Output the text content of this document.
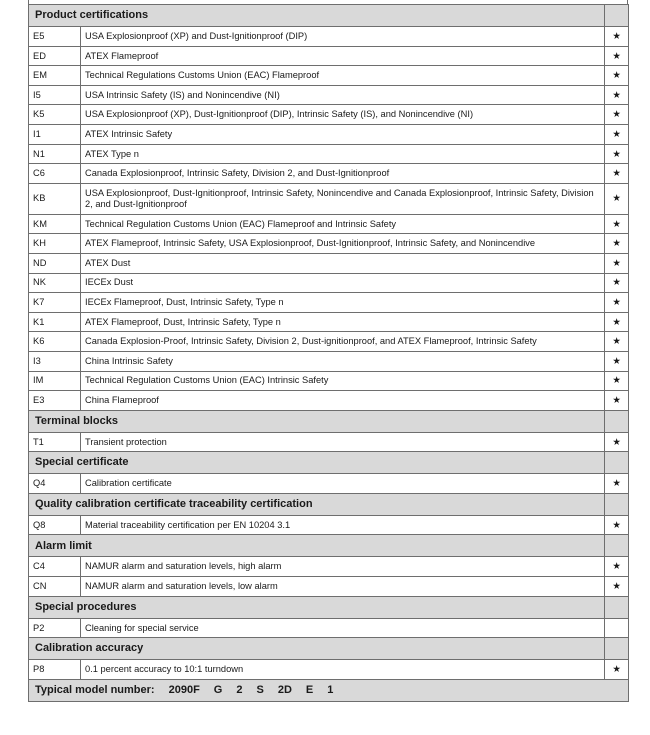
Product certifications		
E5	USA Explosionproof (XP) and Dust-Ignitionproof (DIP)	★
ED	ATEX Flameproof	★
EM	Technical Regulations Customs Union (EAC) Flameproof	★
I5	USA Intrinsic Safety (IS) and Nonincendive (NI)	★
K5	USA Explosionproof (XP), Dust-Ignitionproof (DIP), Intrinsic Safety (IS), and Nonincendive (NI)	★
I1	ATEX Intrinsic Safety	★
N1	ATEX Type n	★
C6	Canada Explosionproof, Intrinsic Safety, Division 2, and Dust-Ignitionproof	★
KB	USA Explosionproof, Dust-Ignitionproof, Intrinsic Safety, Nonincendive and Canada Explosionproof, Intrinsic Safety, Division 2, and Dust-Ignitionproof	★
KM	Technical Regulation Customs Union (EAC) Flameproof and Intrinsic Safety	★
KH	ATEX Flameproof, Intrinsic Safety, USA Explosionproof, Dust-Ignitionproof, Intrinsic Safety, and Nonincendive	★
ND	ATEX Dust	★
NK	IECEx Dust	★
K7	IECEx Flameproof, Dust, Intrinsic Safety, Type n	★
K1	ATEX Flameproof, Dust, Intrinsic Safety, Type n	★
K6	Canada Explosion-Proof, Intrinsic Safety, Division 2, Dust-ignitionproof, and ATEX Flameproof, Intrinsic Safety	★
I3	China Intrinsic Safety	★
IM	Technical Regulation Customs Union (EAC) Intrinsic Safety	★
E3	China Flameproof	★
Terminal blocks		
T1	Transient protection	★
Special certificate		
Q4	Calibration certificate	★
Quality calibration certificate traceability certification		
Q8	Material traceability certification per EN 10204 3.1	★
Alarm limit		
C4	NAMUR alarm and saturation levels, high alarm	★
CN	NAMUR alarm and saturation levels, low alarm	★
Special procedures		
P2	Cleaning for special service	
Calibration accuracy		
P8	0.1 percent accuracy to 10:1 turndown	★
Typical model number: 2090F G 2 S 2D E 1		
